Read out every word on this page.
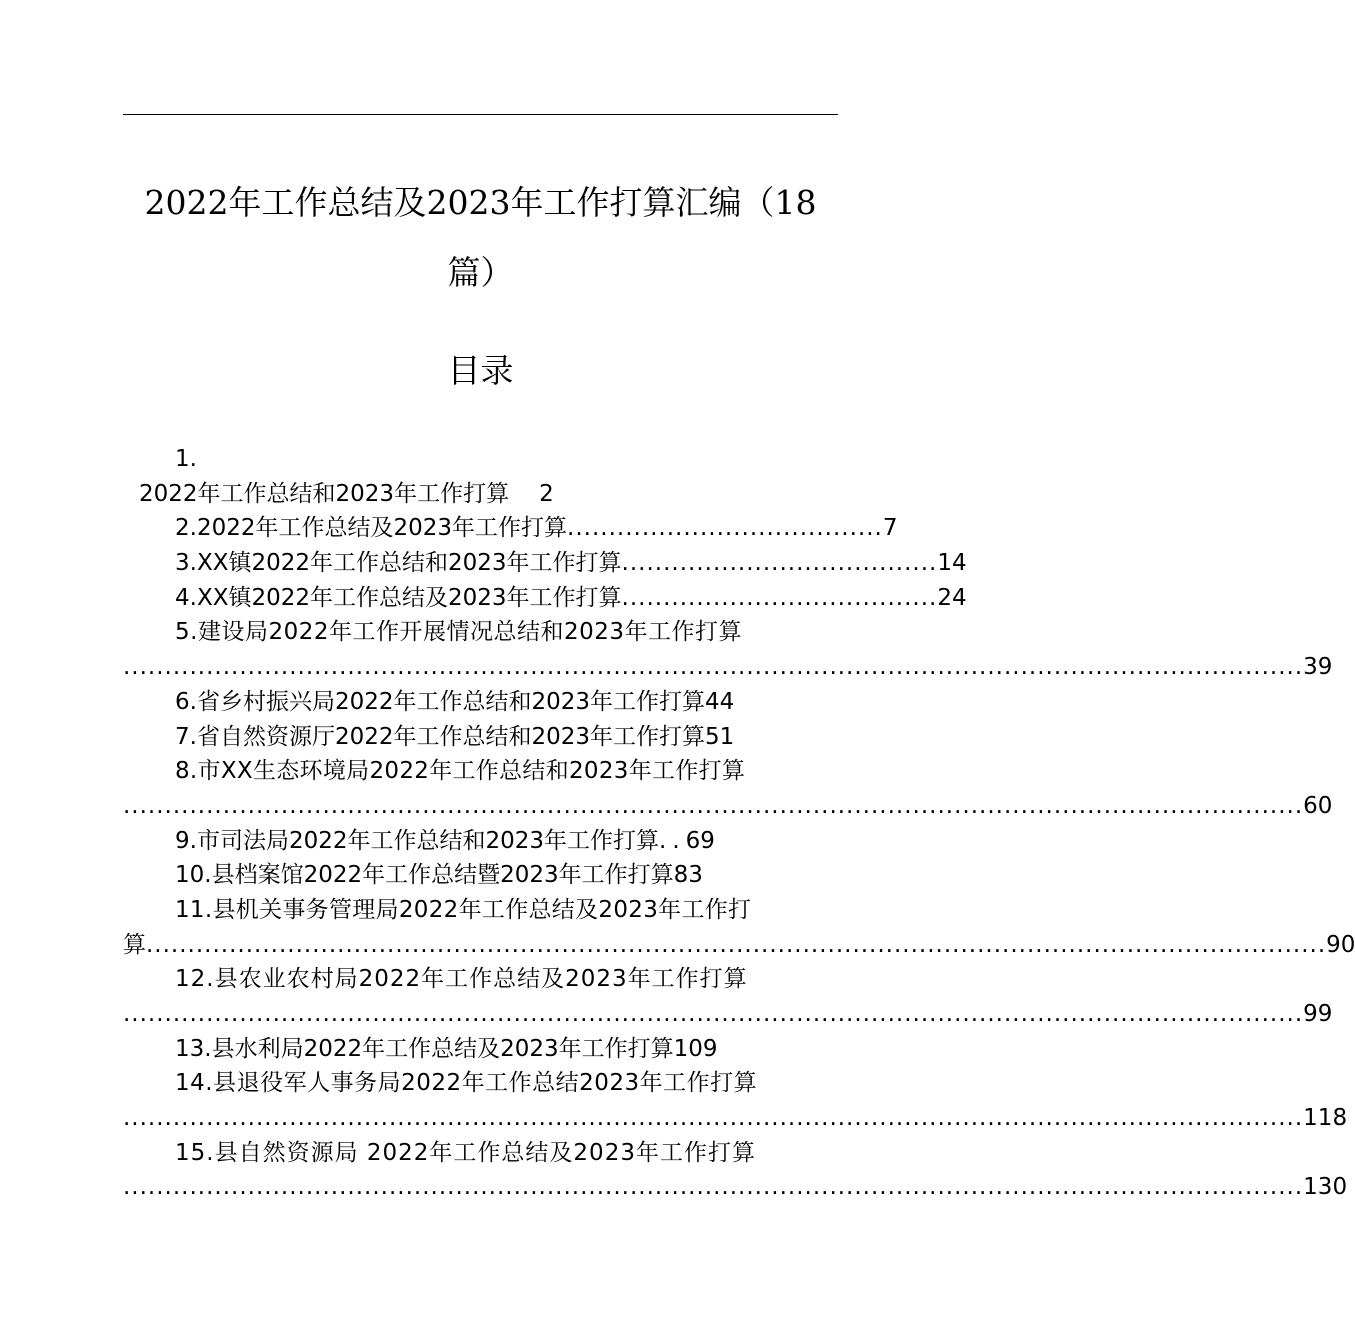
2022年工作总结及2023年工作打算汇编（18篇）
目录
1.
2022年工作总结和2023年工作打算 2
2.2022年工作总结及2023年工作打算 ...................................... 7
3.XX镇2022年工作总结和2023年工作打算 ...................................... 14
4.XX镇2022年工作总结及2023年工作打算 ...................................... 24
5.建设局2022年工作开展情况总结和2023年工作打算
.............................................................................................................................................. 39
6.省乡村振兴局2022年工作总结和2023年工作打算 44
7.省自然资源厅2022年工作总结和2023年工作打算 51
8.市XX生态环境局2022年工作总结和2023年工作打算
.............................................................................................................................................. 60
9.市司法局2022年工作总结和2023年工作打算 .. 69
10.县档案馆2022年工作总结暨2023年工作打算 83
11.县机关事务管理局2022年工作总结及2023年工作打
算 .............................................................................................................................................. 90
12.县农业农村局2022年工作总结及2023年工作打算
.............................................................................................................................................. 99
13.县水利局2022年工作总结及2023年工作打算 109
14.县退役军人事务局2022年工作总结2023年工作打算
.............................................................................................................................................. 118
15.县自然资源局 2022年工作总结及2023年工作打算
.............................................................................................................................................. 130
